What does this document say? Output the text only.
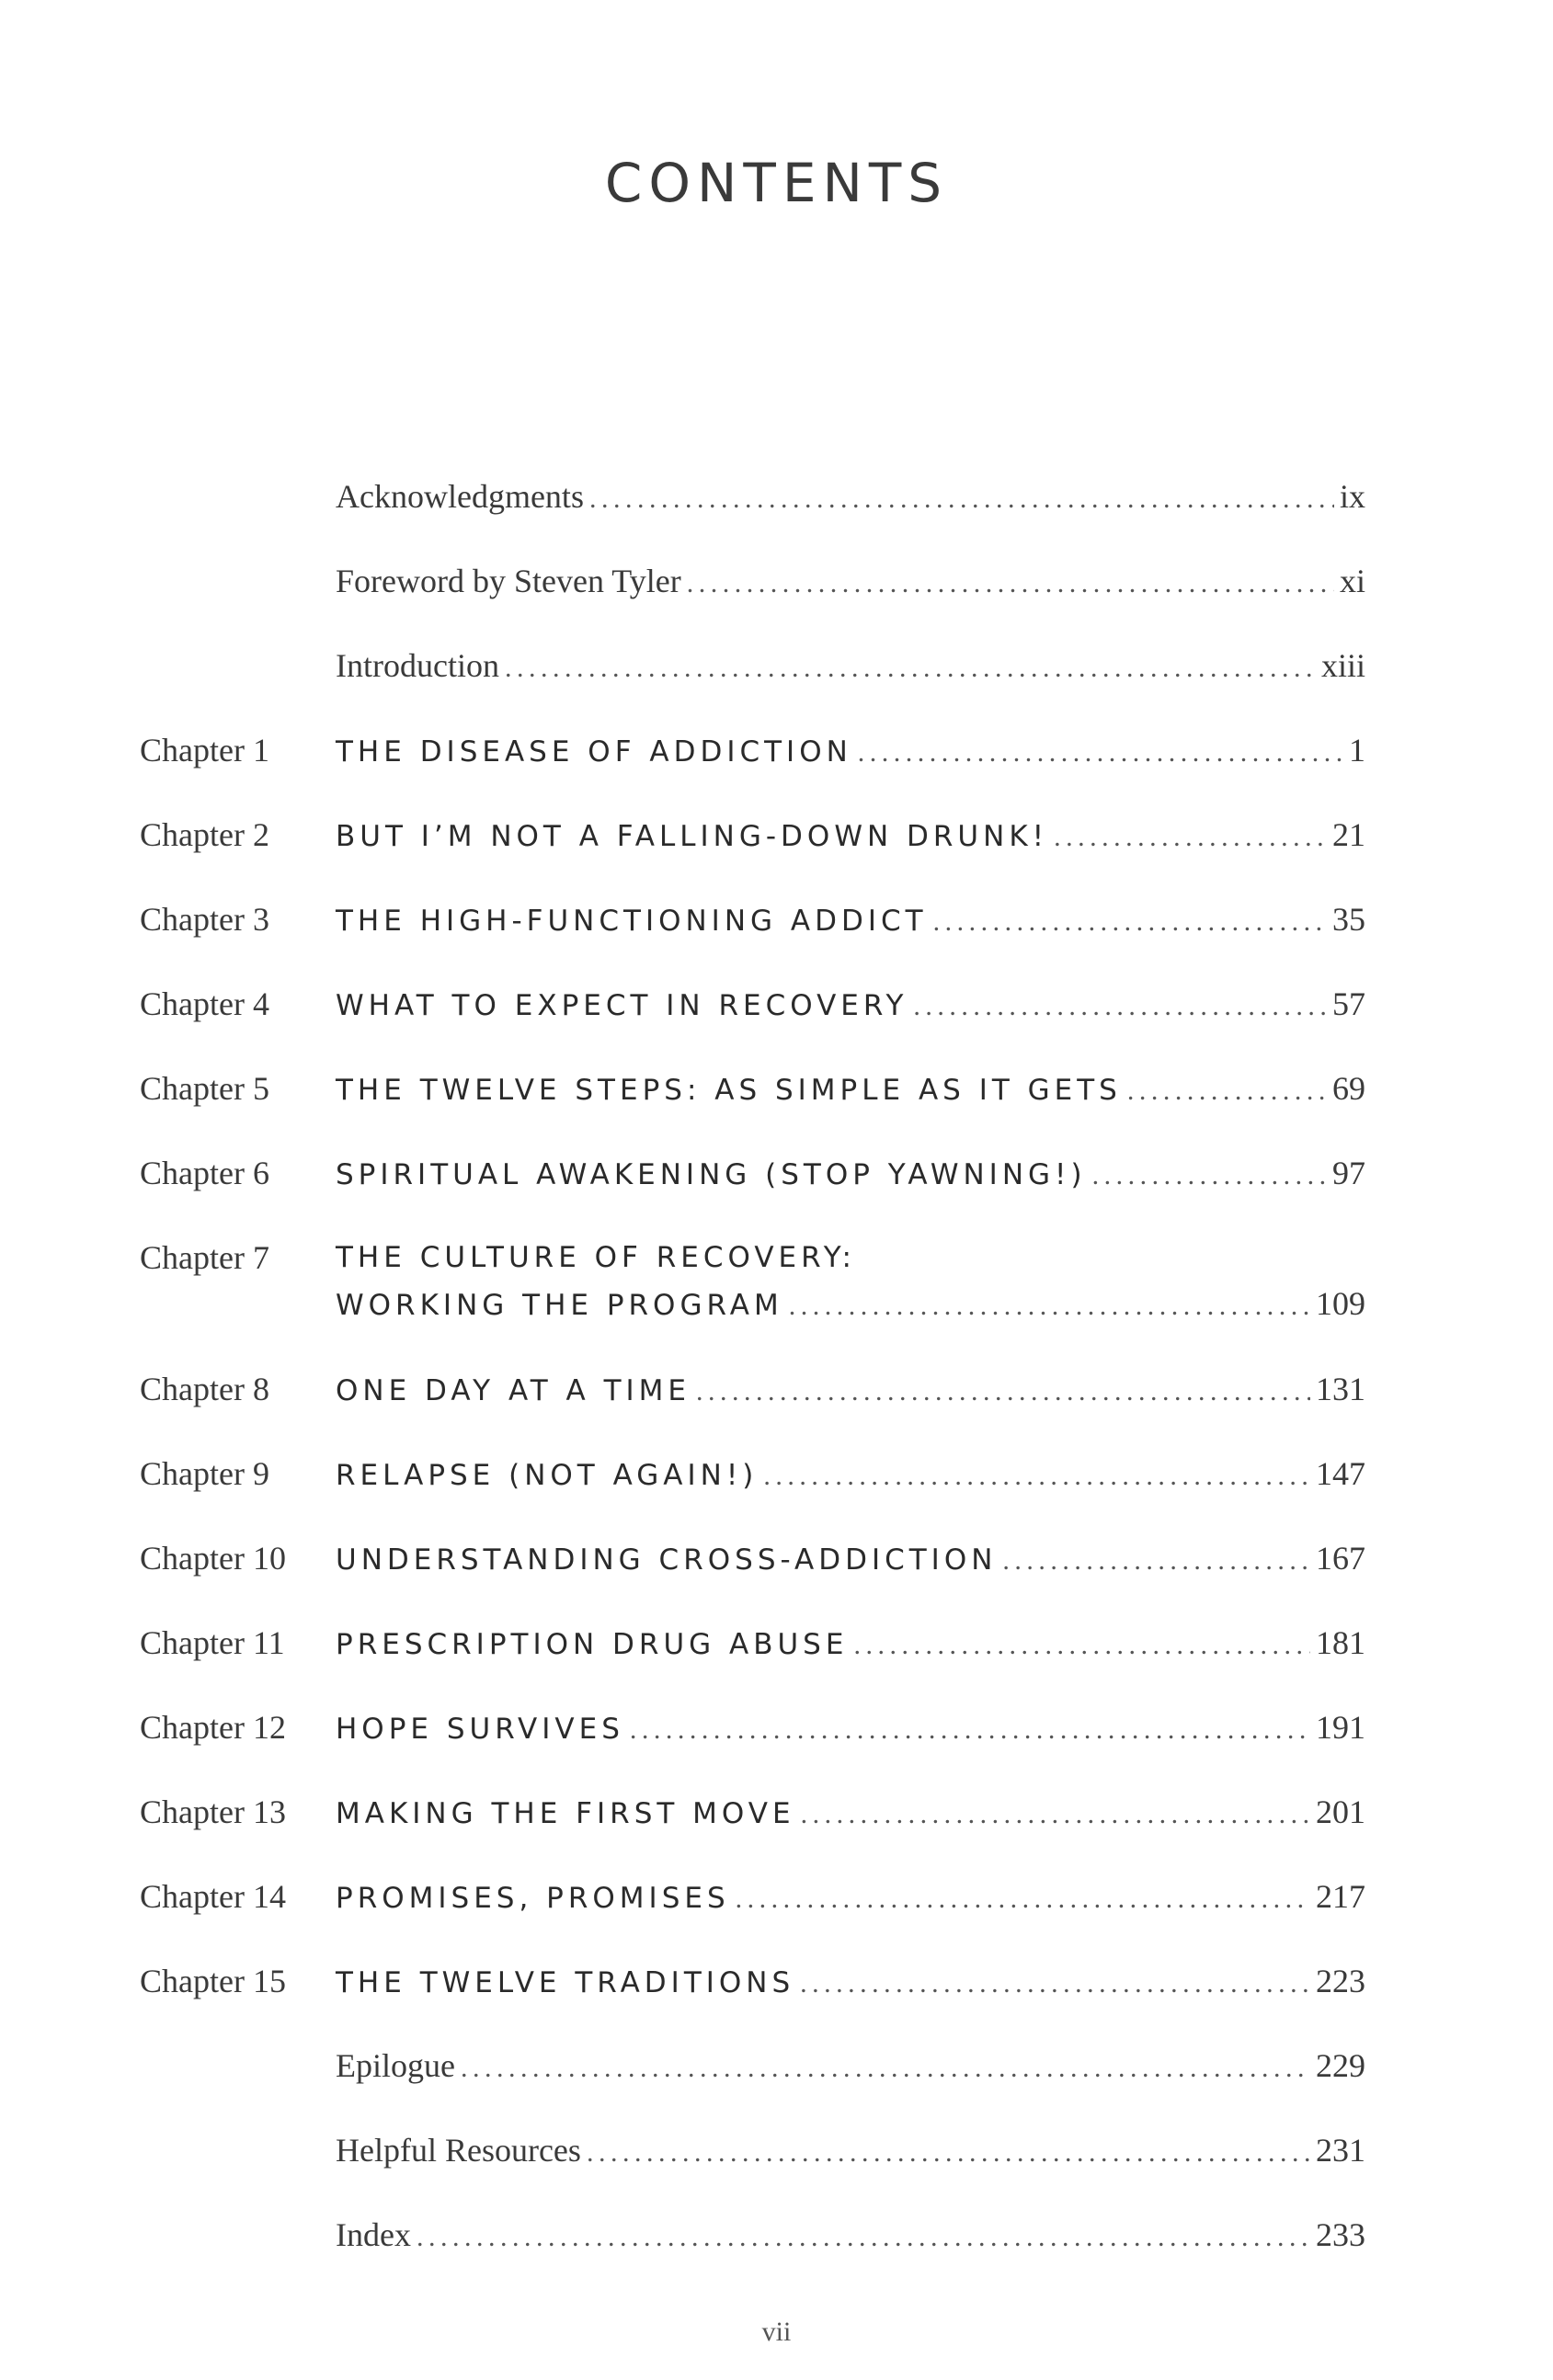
CONTENTS
Acknowledgments . . .	ix
Foreword by Steven Tyler . . .	xi
Introduction . . .	xiii
Chapter 1 THE DISEASE OF ADDICTION . . .	1
Chapter 2 BUT I’M NOT A FALLING-DOWN DRUNK! . . .	21
Chapter 3 THE HIGH-FUNCTIONING ADDICT . . .	35
Chapter 4 WHAT TO EXPECT IN RECOVERY . . .	57
Chapter 5 THE TWELVE STEPS: AS SIMPLE AS IT GETS . . .	69
Chapter 6 SPIRITUAL AWAKENING (STOP YAWNING!) . . .	97
Chapter 7 THE CULTURE OF RECOVERY:
WORKING THE PROGRAM . . .	109
Chapter 8 ONE DAY AT A TIME . . .	131
Chapter 9 RELAPSE (NOT AGAIN!) . . .	147
Chapter 10 UNDERSTANDING CROSS-ADDICTION . . .	167
Chapter 11 PRESCRIPTION DRUG ABUSE . . .	181
Chapter 12 HOPE SURVIVES . . .	191
Chapter 13 MAKING THE FIRST MOVE . . .	201
Chapter 14 PROMISES, PROMISES . . .	217
Chapter 15 THE TWELVE TRADITIONS . . .	223
Epilogue . . .	229
Helpful Resources . . .	231
Index . . .	233
vii
